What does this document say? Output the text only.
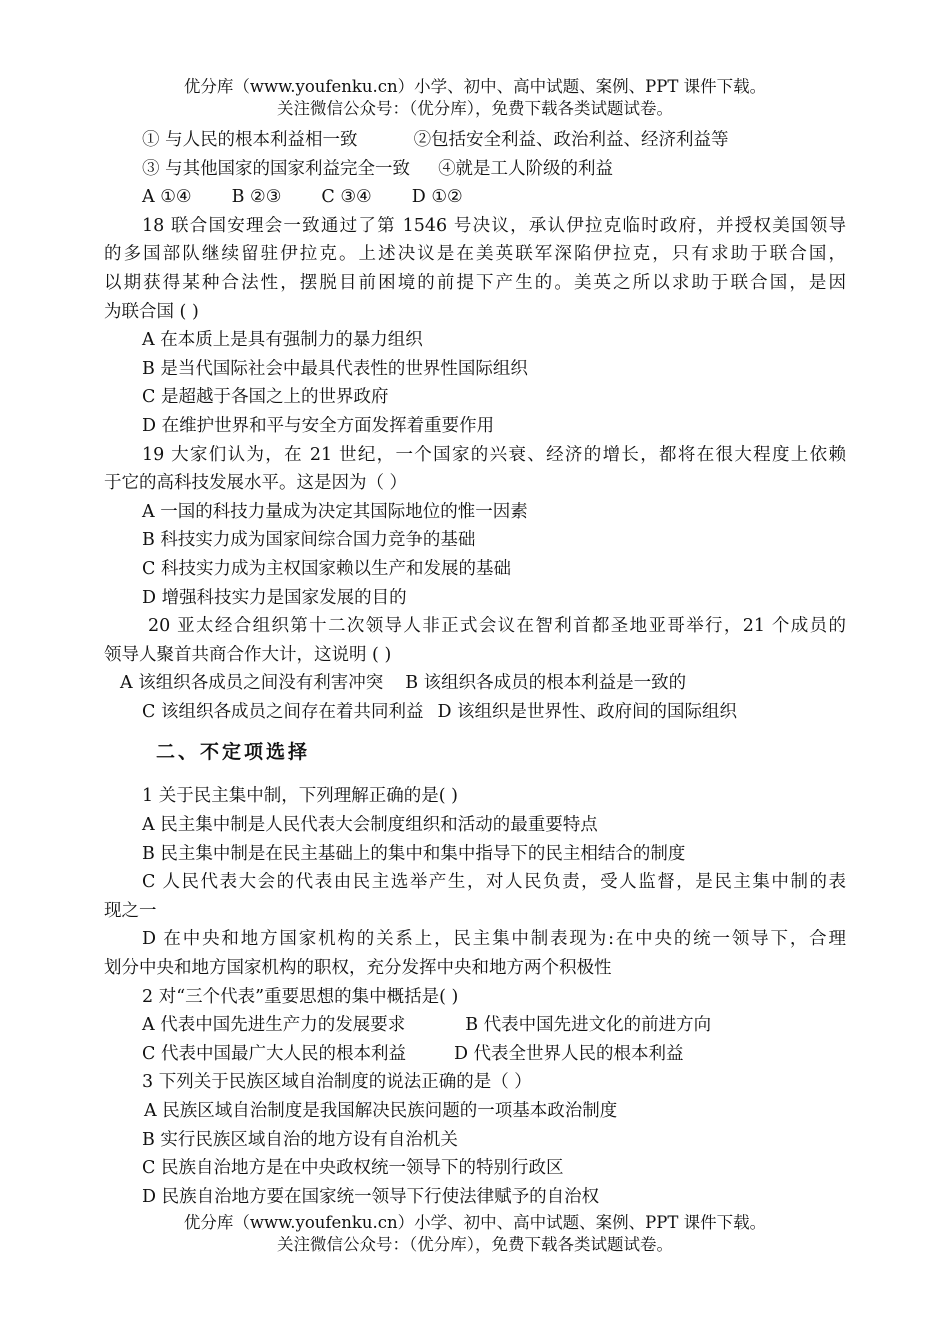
优分库（www.youfenku.cn）小学、初中、高中试题、案例、PPT 课件下载。
关注微信公众号：（优分库），免费下载各类试题试卷。
① 与人民的根本利益相一致	②包括安全利益、政治利益、经济利益等
③ 与其他国家的国家利益完全一致 ④就是工人阶级的利益
A ①④ B ②③ C ③④ D ①②
18 联合国安理会一致通过了第 1546 号决议，承认伊拉克临时政府，并授权美国领导
的多国部队继续留驻伊拉克。上述决议是在美英联军深陷伊拉克，只有求助于联合国，
以期获得某种合法性，摆脱目前困境的前提下产生的。美英之所以求助于联合国，是因
为联合国 ( )
A 在本质上是具有强制力的暴力组织
B 是当代国际社会中最具代表性的世界性国际组织
C 是超越于各国之上的世界政府
D 在维护世界和平与安全方面发挥着重要作用
19 大家们认为，在 21 世纪，一个国家的兴衰、经济的增长，都将在很大程度上依赖
于它的高科技发展水平。这是因为（ ）
A 一国的科技力量成为决定其国际地位的惟一因素
B 科技实力成为国家间综合国力竞争的基础
C 科技实力成为主权国家赖以生产和发展的基础
D 增强科技实力是国家发展的目的
20 亚太经合组织第十二次领导人非正式会议在智利首都圣地亚哥举行，21 个成员的
领导人聚首共商合作大计，这说明 ( )
A 该组织各成员之间没有利害冲突 B 该组织各成员的根本利益是一致的
C 该组织各成员之间存在着共同利益 D 该组织是世界性、政府间的国际组织
二、不定项选择
1 关于民主集中制，下列理解正确的是( )
A 民主集中制是人民代表大会制度组织和活动的最重要特点
B 民主集中制是在民主基础上的集中和集中指导下的民主相结合的制度
C 人民代表大会的代表由民主选举产生，对人民负责，受人监督，是民主集中制的表
现之一
D 在中央和地方国家机构的关系上，民主集中制表现为:在中央的统一领导下，合理
划分中央和地方国家机构的职权，充分发挥中央和地方两个积极性
2 对“三个代表”重要思想的集中概括是( )
A 代表中国先进生产力的发展要求	B 代表中国先进文化的前进方向
C 代表中国最广大人民的根本利益	D 代表全世界人民的根本利益
3 下列关于民族区域自治制度的说法正确的是（ ）
A 民族区域自治制度是我国解决民族问题的一项基本政治制度
B 实行民族区域自治的地方设有自治机关
C 民族自治地方是在中央政权统一领导下的特别行政区
D 民族自治地方要在国家统一领导下行使法律赋予的自治权
优分库（www.youfenku.cn）小学、初中、高中试题、案例、PPT 课件下载。
关注微信公众号：（优分库），免费下载各类试题试卷。
